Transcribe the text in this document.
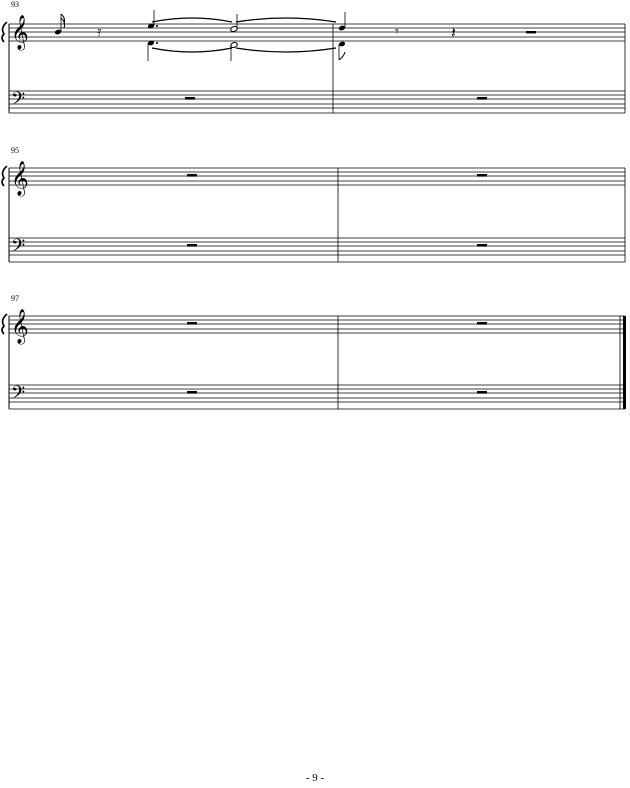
93
95
97
𝄞
𝄢
𝄿	𝄾	𝄽
𝄞
𝄢
𝄞
𝄢
- 9 -
